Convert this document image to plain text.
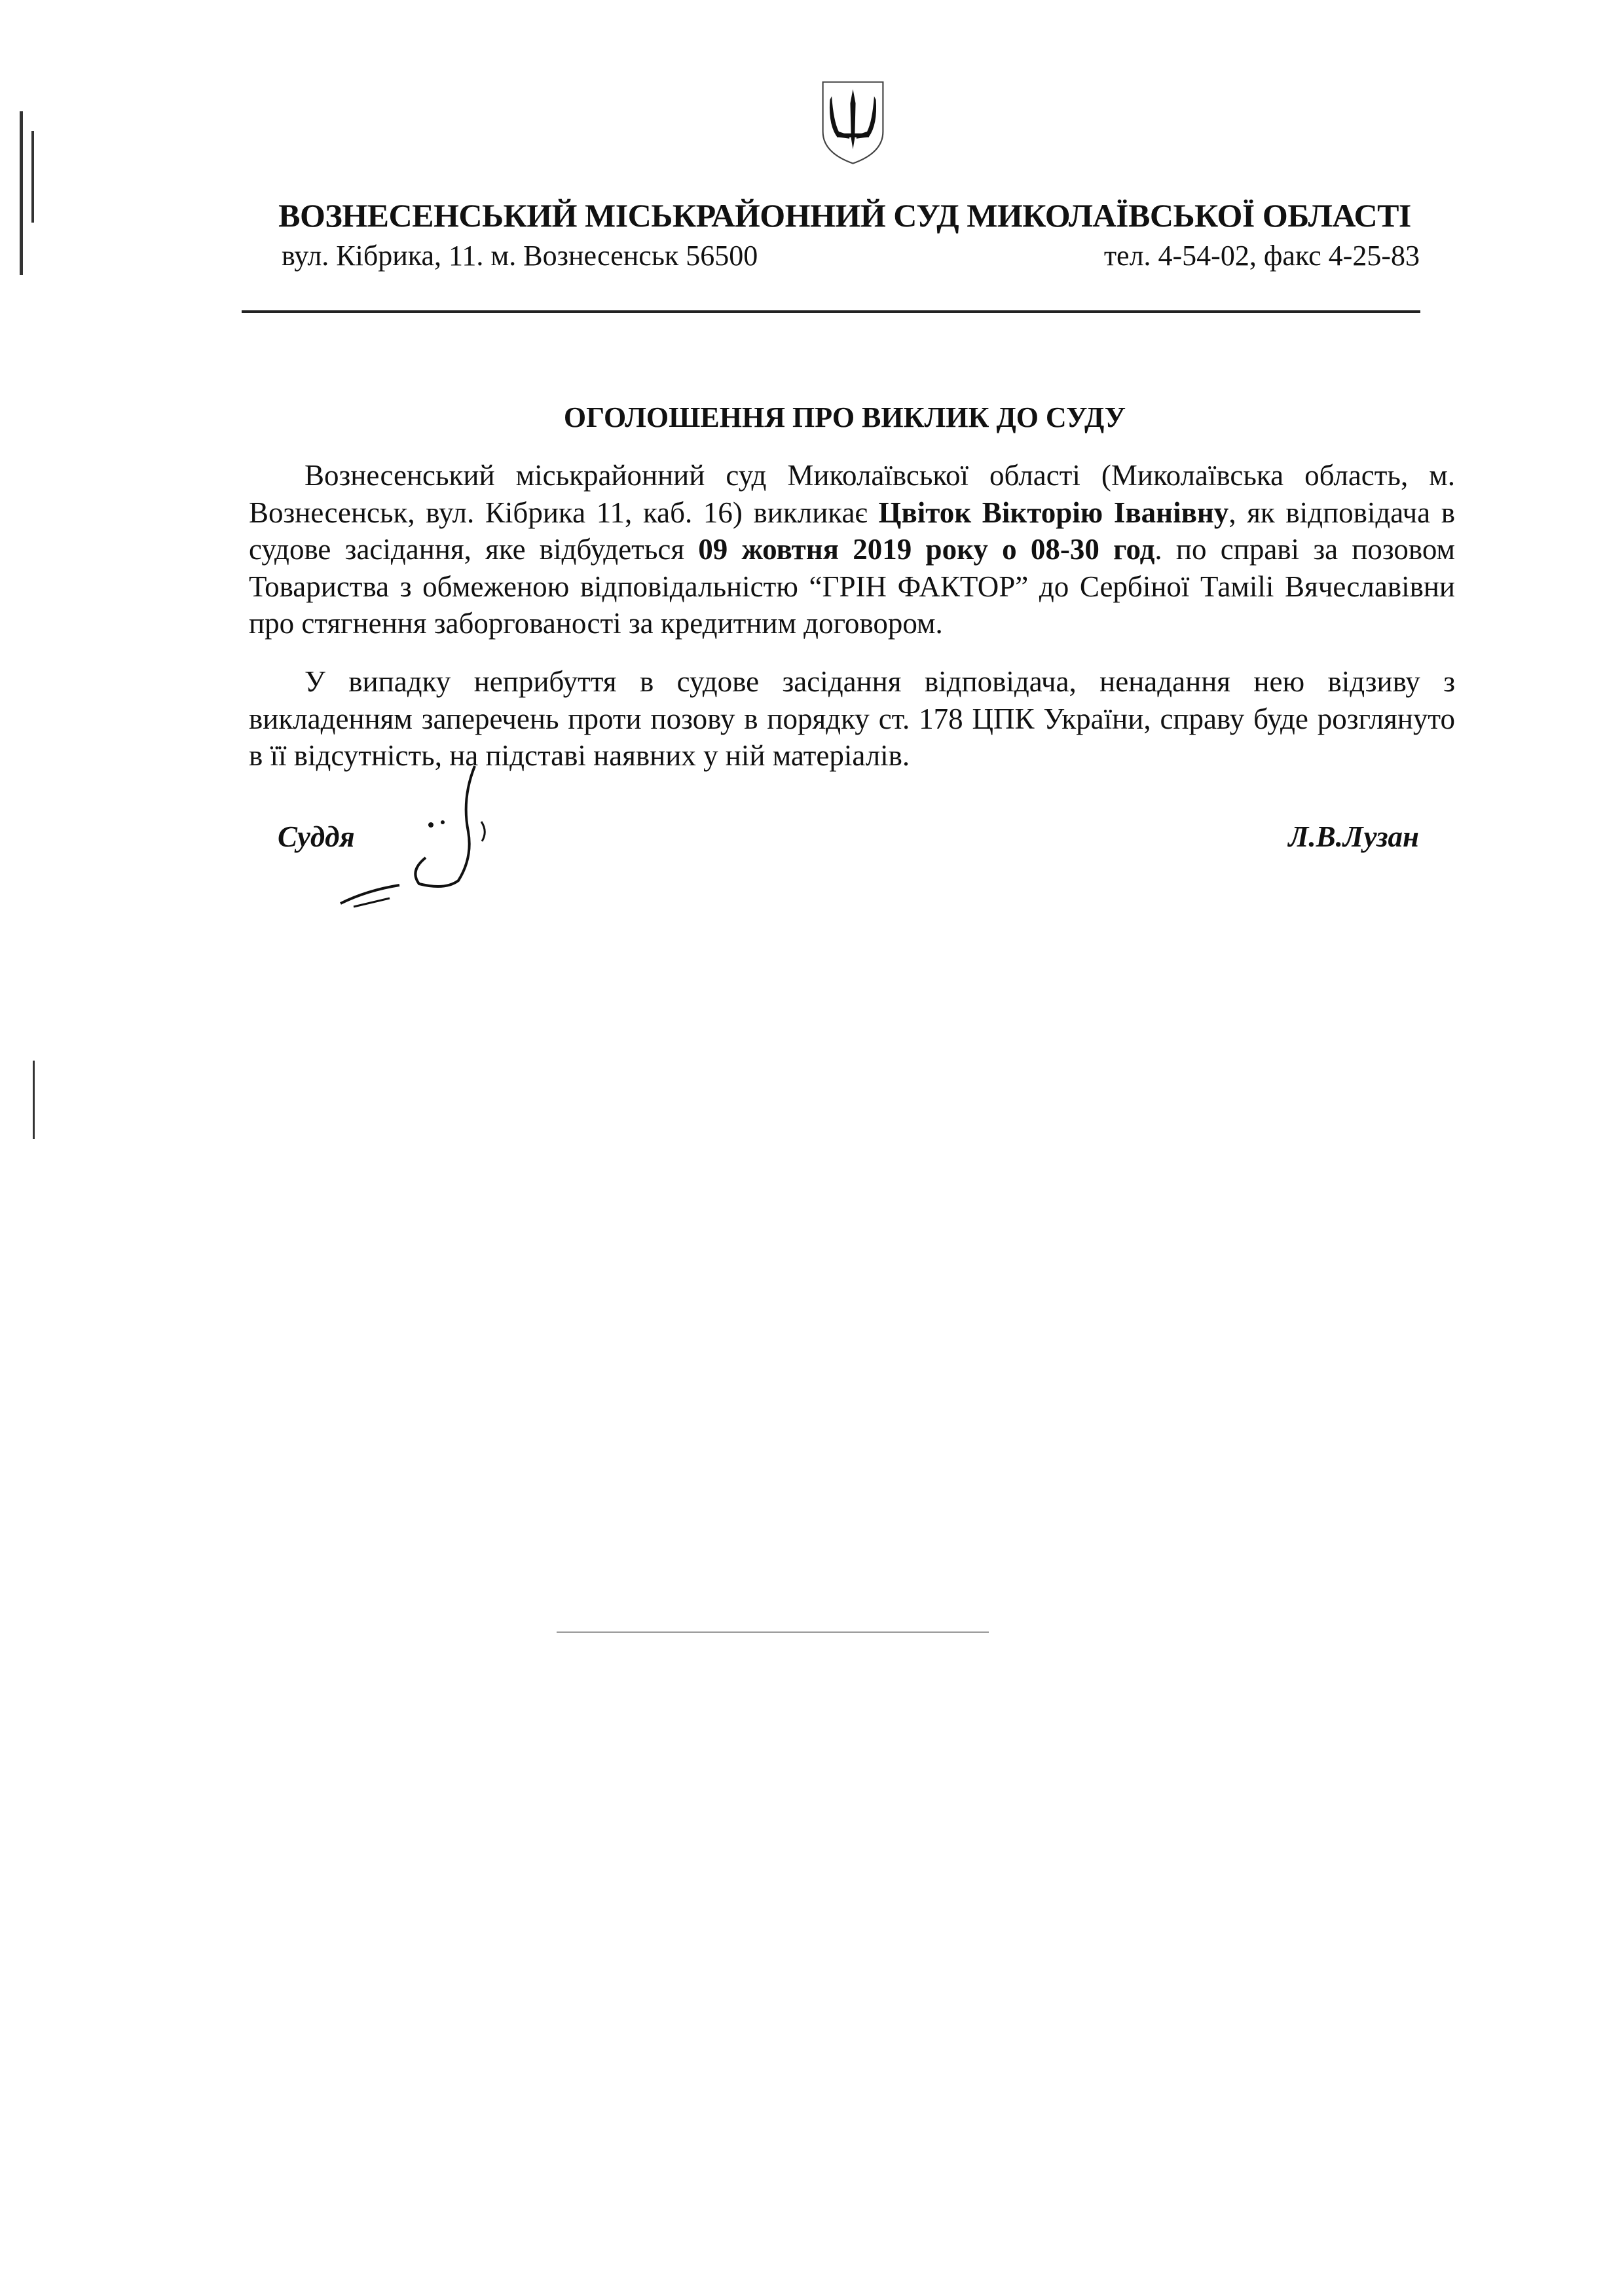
ВОЗНЕСЕНСЬКИЙ МІСЬКРАЙОННИЙ СУД МИКОЛАЇВСЬКОЇ ОБЛАСТІ
вул. Кібрика, 11. м. Вознесенськ 56500	тел. 4-54-02, факс 4-25-83
ОГОЛОШЕННЯ ПРО ВИКЛИК ДО СУДУ
Вознесенський міськрайонний суд Миколаївської області (Миколаївська область, м. Вознесенськ, вул. Кібрика 11, каб. 16) викликає Цвіток Вікторію Іванівну, як відповідача в судове засідання, яке відбудеться 09 жовтня 2019 року о 08-30 год. по справі за позовом Товариства з обмеженою відповідальністю “ГРІН ФАКТОР” до Сербіної Тамili Вячеславівни про стягнення заборгованості за кредитним договором.
У випадку неприбуття в судове засідання відповідача, ненадання нею відзиву з викладенням заперечень проти позову в порядку ст. 178 ЦПК України, справу буде розглянуто в її відсутність, на підставі наявних у ній матеріалів.
Суддя	Л.В.Лузан
